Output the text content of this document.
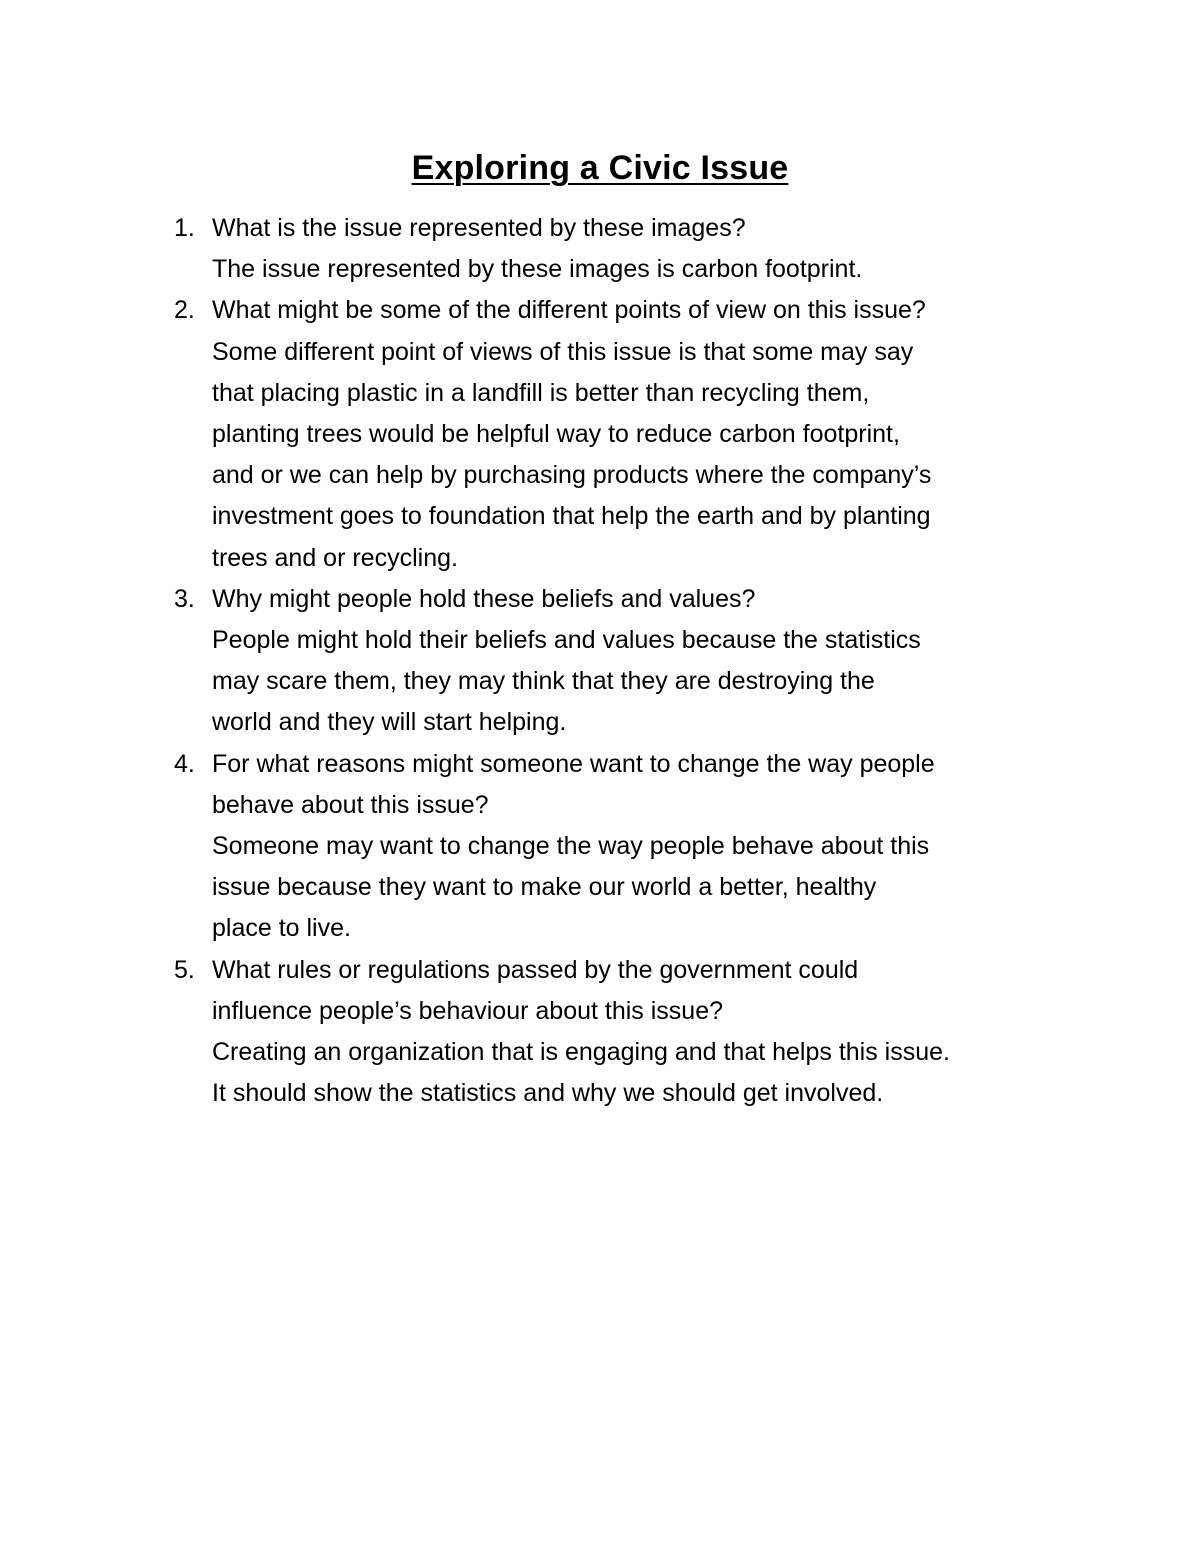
Exploring a Civic Issue
1. What is the issue represented by these images?
The issue represented by these images is carbon footprint.
2. What might be some of the different points of view on this issue?
Some different point of views of this issue is that some may say
that placing plastic in a landfill is better than recycling them,
planting trees would be helpful way to reduce carbon footprint,
and or we can help by purchasing products where the company’s
investment goes to foundation that help the earth and by planting
trees and or recycling.
3. Why might people hold these beliefs and values?
People might hold their beliefs and values because the statistics
may scare them, they may think that they are destroying the
world and they will start helping.
4. For what reasons might someone want to change the way people
behave about this issue?
Someone may want to change the way people behave about this
issue because they want to make our world a better, healthy
place to live.
5. What rules or regulations passed by the government could
influence people’s behaviour about this issue?
Creating an organization that is engaging and that helps this issue.
It should show the statistics and why we should get involved.
